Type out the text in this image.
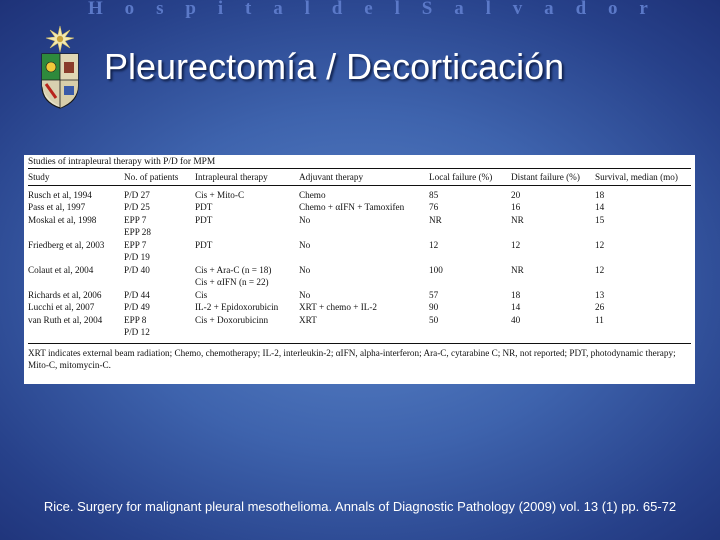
H o s p i t a l d e l S a l v a d o r
Pleurectomía / Decorticación
Studies of intrapleural therapy with P/D for MPM
Study	No. of patients	Intrapleural therapy	Adjuvant therapy	Local failure (%)	Distant failure (%)	Survival, median (mo)
Rusch et al, 1994	P/D 27	Cis + Mito-C	Chemo	85	20	18
Pass et al, 1997	P/D 25	PDT	Chemo + αIFN + Tamoxifen	76	16	14
Moskal et al, 1998	EPP 7	PDT	No	NR	NR	15
	EPP 28					
Friedberg et al, 2003	EPP 7	PDT	No	12	12	12
	P/D 19					
Colaut et al, 2004	P/D 40	Cis + Ara-C (n = 18)	No	100	NR	12
		Cis + αIFN (n = 22)				
Richards et al, 2006	P/D 44	Cis	No	57	18	13
Lucchi et al, 2007	P/D 49	IL-2 + Epidoxorubicin	XRT + chemo + IL-2	90	14	26
van Ruth et al, 2004	EPP 8	Cis + Doxorubicinn	XRT	50	40	11
	P/D 12					
XRT indicates external beam radiation; Chemo, chemotherapy; IL-2, interleukin-2; αIFN, alpha-interferon; Ara-C, cytarabine C; NR, not reported; PDT, photodynamic therapy; Mito-C, mitomycin-C.
Rice. Surgery for malignant pleural mesothelioma. Annals of Diagnostic Pathology (2009) vol. 13 (1) pp. 65-72
